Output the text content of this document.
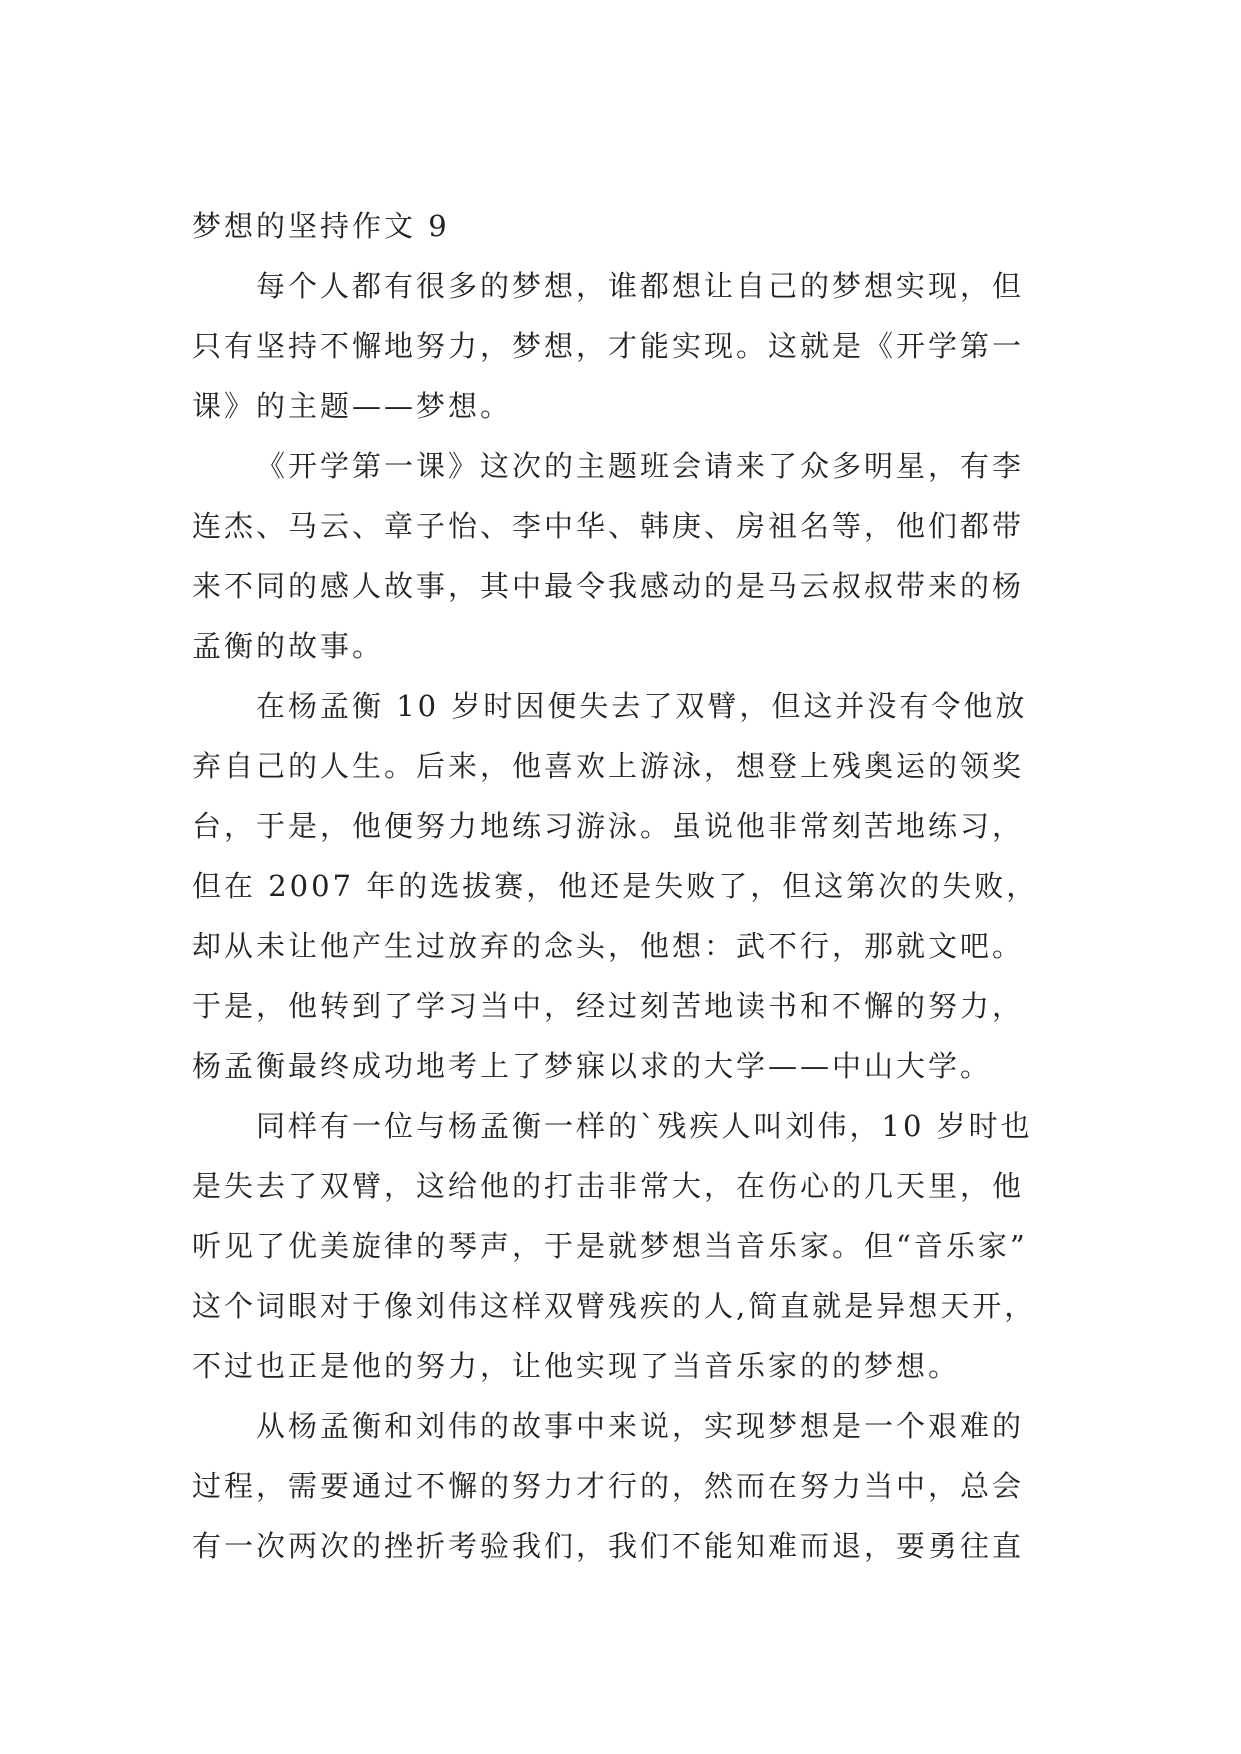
梦想的坚持作文 9
每个人都有很多的梦想，谁都想让自己的梦想实现，但
只有坚持不懈地努力，梦想，才能实现。这就是《开学第一
课》的主题——梦想。
《开学第一课》这次的主题班会请来了众多明星，有李
连杰、马云、章子怡、李中华、韩庚、房祖名等，他们都带
来不同的感人故事，其中最令我感动的是马云叔叔带来的杨
孟衡的故事。
在杨孟衡 10 岁时因便失去了双臂，但这并没有令他放
弃自己的人生。后来，他喜欢上游泳，想登上残奥运的领奖
台，于是，他便努力地练习游泳。虽说他非常刻苦地练习，
但在 2007 年的选拔赛，他还是失败了，但这第次的失败，
却从未让他产生过放弃的念头，他想：武不行，那就文吧。
于是，他转到了学习当中，经过刻苦地读书和不懈的努力，
杨孟衡最终成功地考上了梦寐以求的大学——中山大学。
同样有一位与杨孟衡一样的`残疾人叫刘伟，10 岁时也
是失去了双臂，这给他的打击非常大，在伤心的几天里，他
听见了优美旋律的琴声，于是就梦想当音乐家。但“音乐家”
这个词眼对于像刘伟这样双臂残疾的人,简直就是异想天开，
不过也正是他的努力，让他实现了当音乐家的的梦想。
从杨孟衡和刘伟的故事中来说，实现梦想是一个艰难的
过程，需要通过不懈的努力才行的，然而在努力当中，总会
有一次两次的挫折考验我们，我们不能知难而退，要勇往直
